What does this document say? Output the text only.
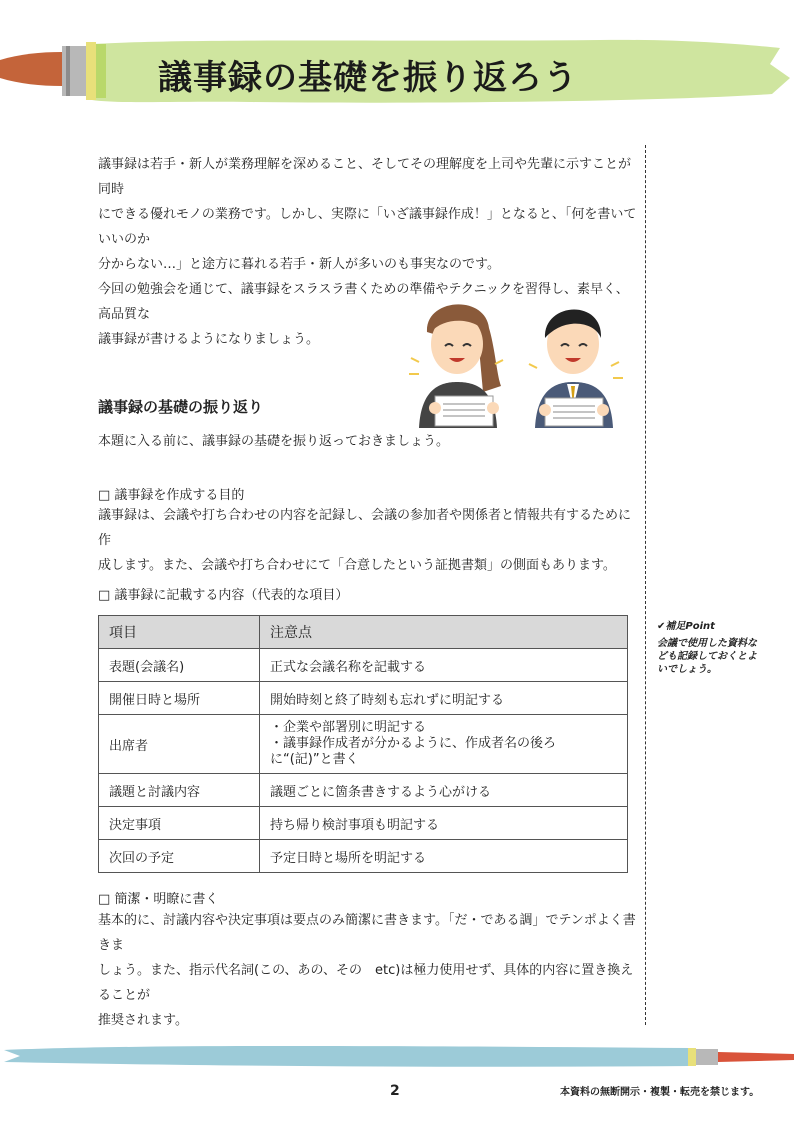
議事録の基礎を振り返ろう

議事録は若手・新人が業務理解を深めること、そしてその理解度を上司や先輩に示すことが同時

にできる優れモノの業務です。しかし、実際に「いざ議事録作成！」となると、「何を書いていいのか

分からない…」と途方に暮れる若手・新人が多いのも事実なのです。

今回の勉強会を通じて、議事録をスラスラ書くための準備やテクニックを習得し、素早く、高品質な

議事録が書けるようになりましょう。

議事録の基礎の振り返り
本題に入る前に、議事録の基礎を振り返っておきましょう。
□ 議事録を作成する目的

議事録は、会議や打ち合わせの内容を記録し、会議の参加者や関係者と情報共有するために作

成します。また、会議や打ち合わせにて「合意したという証拠書類」の側面もあります。

□ 議事録に記載する内容（代表的な項目）
項目	注意点
表題(会議名)	正式な会議名称を記載する
開催日時と場所	開始時刻と終了時刻も忘れずに明記する
出席者	・企業や部署別に明記する
・議事録作成者が分かるように、作成者名の後ろに“(記)”と書く

議題と討議内容	議題ごとに箇条書きするよう心がける
決定事項	持ち帰り検討事項も明記する
次回の予定	予定日時と場所を明記する
□ 簡潔・明瞭に書く

基本的に、討議内容や決定事項は要点のみ簡潔に書きます。「だ・である調」でテンポよく書きま

しょう。また、指示代名詞(この、あの、その　etc)は極力使用せず、具体的内容に置き換えることが

推奨されます。

✔補足Point
会議で使用した資料なども記録しておくとよいでしょう。
2	本資料の無断開示・複製・転売を禁じます。
